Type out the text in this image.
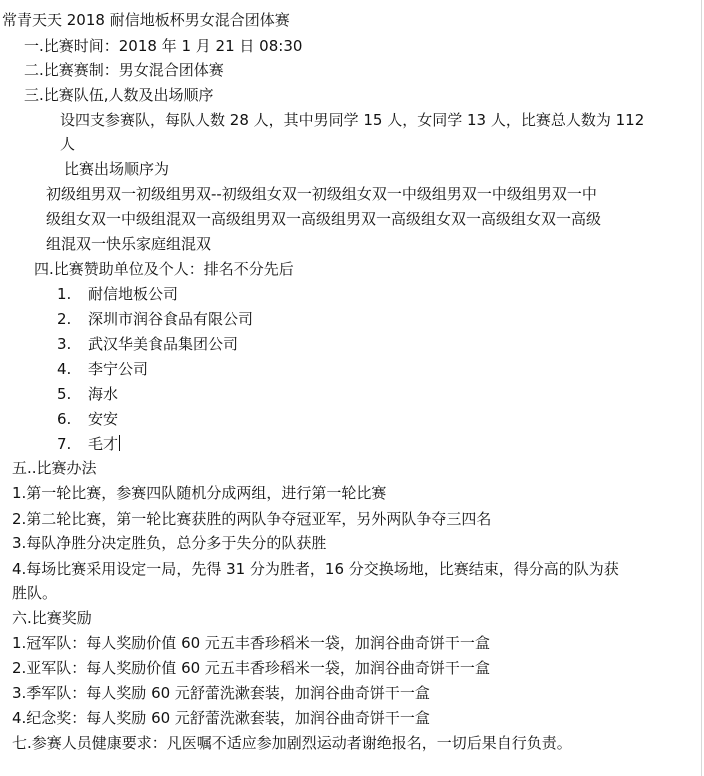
常青天天 2018 耐信地板杯男女混合团体赛
一.比赛时间：2018 年 1 月 21 日 08:30
二.比赛赛制：男女混合团体赛
三.比赛队伍,人数及出场顺序
设四支参赛队，每队人数 28 人，其中男同学 15 人，女同学 13 人，比赛总人数为 112
人
比赛出场顺序为
初级组男双一初级组男双--初级组女双一初级组女双一中级组男双一中级组男双一中
级组女双一中级组混双一高级组男双一高级组男双一高级组女双一高级组女双一高级
组混双一快乐家庭组混双
四.比赛赞助单位及个人：排名不分先后
1. 耐信地板公司
2. 深圳市润谷食品有限公司
3. 武汉华美食品集团公司
4. 李宁公司
5. 海水
6. 安安
7. 毛才
五..比赛办法
1.第一轮比赛，参赛四队随机分成两组，进行第一轮比赛
2.第二轮比赛，第一轮比赛获胜的两队争夺冠亚军，另外两队争夺三四名
3.每队净胜分决定胜负，总分多于失分的队获胜
4.每场比赛采用设定一局，先得 31 分为胜者，16 分交换场地，比赛结束，得分高的队为获
胜队。
六.比赛奖励
1.冠军队：每人奖励价值 60 元五丰香珍稻米一袋，加润谷曲奇饼干一盒
2.亚军队：每人奖励价值 60 元五丰香珍稻米一袋，加润谷曲奇饼干一盒
3.季军队：每人奖励 60 元舒蕾洗漱套装，加润谷曲奇饼干一盒
4.纪念奖：每人奖励 60 元舒蕾洗漱套装，加润谷曲奇饼干一盒
七.参赛人员健康要求：凡医嘱不适应参加剧烈运动者谢绝报名，一切后果自行负责。
